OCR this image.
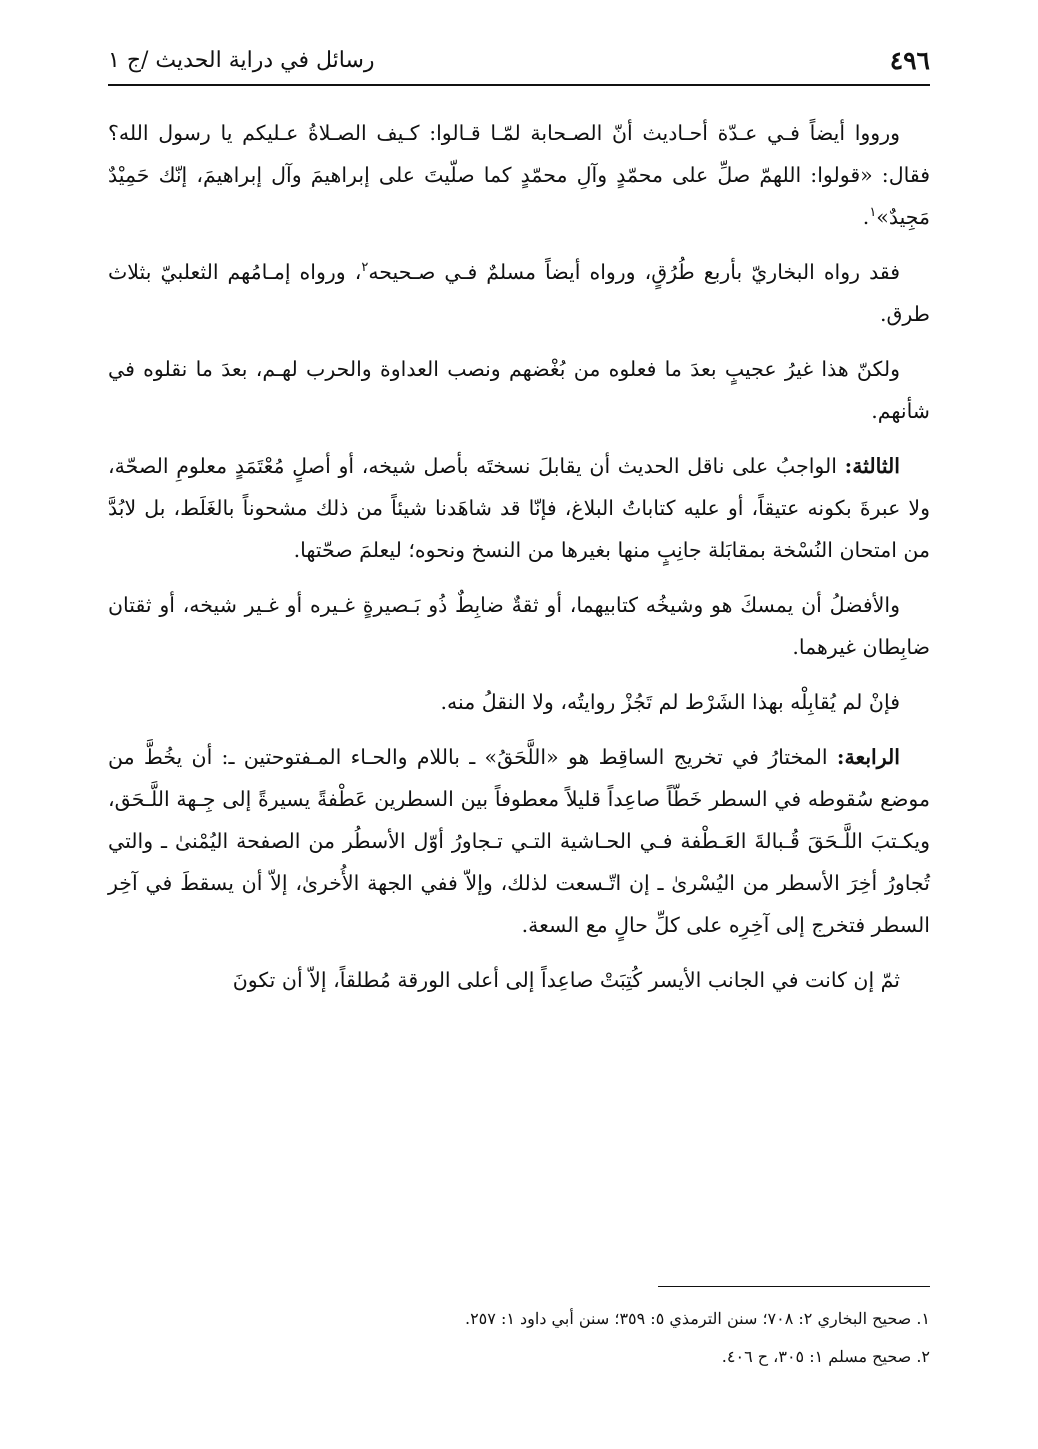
٤٩٦
رسائل في دراية الحديث /ج ١

ورووا أيضاً فـي عـدّة أحـاديث أنّ الصـحابة لمّـا قـالوا: كـيف الصـلاةُ عـليكم يا رسول الله؟ فقال: «قولوا: اللهمّ صلِّ على محمّدٍ وآلِ محمّدٍ كما صلّيتَ على إبراهيمَ وآل إبراهيمَ، إنّك حَمِيْدٌ مَجِيدٌ»$^١$.

فقد رواه البخاريّ بأربع طُرُقٍ، ورواه أيضاً مسلمٌ فـي صـحيحه$^٢$، ورواه إمـامُهم الثعلبيّ بثلاث طرق.

ولكنّ هذا غيرُ عجيبٍ بعدَ ما فعلوه من بُغْضهم ونصب العداوة والحرب لهـم، بعدَ ما نقلوه في شأنهم.

الثالثة: الواجبُ على ناقل الحديث أن يقابلَ نسختَه بأصل شيخه، أو أصلٍ مُعْتَمَدٍ معلومِ الصحّة، ولا عبرةَ بكونه عتيقاً، أو عليه كتاباتُ البلاغ، فإنّا قد شاهَدنا شيئاً من ذلك مشحوناً بالغَلَط، بل لابُدَّ من امتحان النُسْخة بمقابَلة جانِبٍ منها بغيرها من النسخ ونحوه؛ ليعلمَ صحّتها.

والأفضلُ أن يمسكَ هو وشيخُه كتابيهما، أو ثقةٌ ضابِطٌ ذُو بَـصيرةٍ غـيره أو غـير شيخه، أو ثقتان ضابِطان غيرهما.

فإنْ لم يُقابِلْه بهذا الشَرْط لم تَجُزْ روايتُه، ولا النقلُ منه.

الرابعة: المختارُ في تخريج الساقِط هو «اللَّحَقُ» ـ باللام والحـاء المـفتوحتين ـ: أن يخُطَّ من موضع سُقوطه في السطر خَطّاً صاعِداً قليلاً معطوفاً بين السطرين عَطْفةً يسيرةً إلى جِـهة اللَّـحَق، ويكـتبَ اللَّـحَقَ قُـبالةَ العَـطْفة فـي الحـاشية التـي تـجاورُ أوّل الأسطُر من الصفحة اليُمْنىٰ ـ والتي تُجاورُ أخِرَ الأسطر من اليُسْرىٰ ـ إن اتّـسعت لذلك، وإلاّ ففي الجهة الأُخرىٰ، إلاّ أن يسقطَ في آخِر السطر فتخرج إلى آخِرِه على كلِّ حالٍ مع السعة.

ثمّ إن كانت في الجانب الأيسر كُتِبَتْ صاعِداً إلى أعلى الورقة مُطلقاً، إلاّ أن تكونَ

١. صحيح البخاري ٢: ٧٠٨؛ سنن الترمذي ٥: ٣٥٩؛ سنن أبي داود ١: ٢٥٧.

٢. صحيح مسلم ١: ٣٠٥، ح ٤٠٦.
